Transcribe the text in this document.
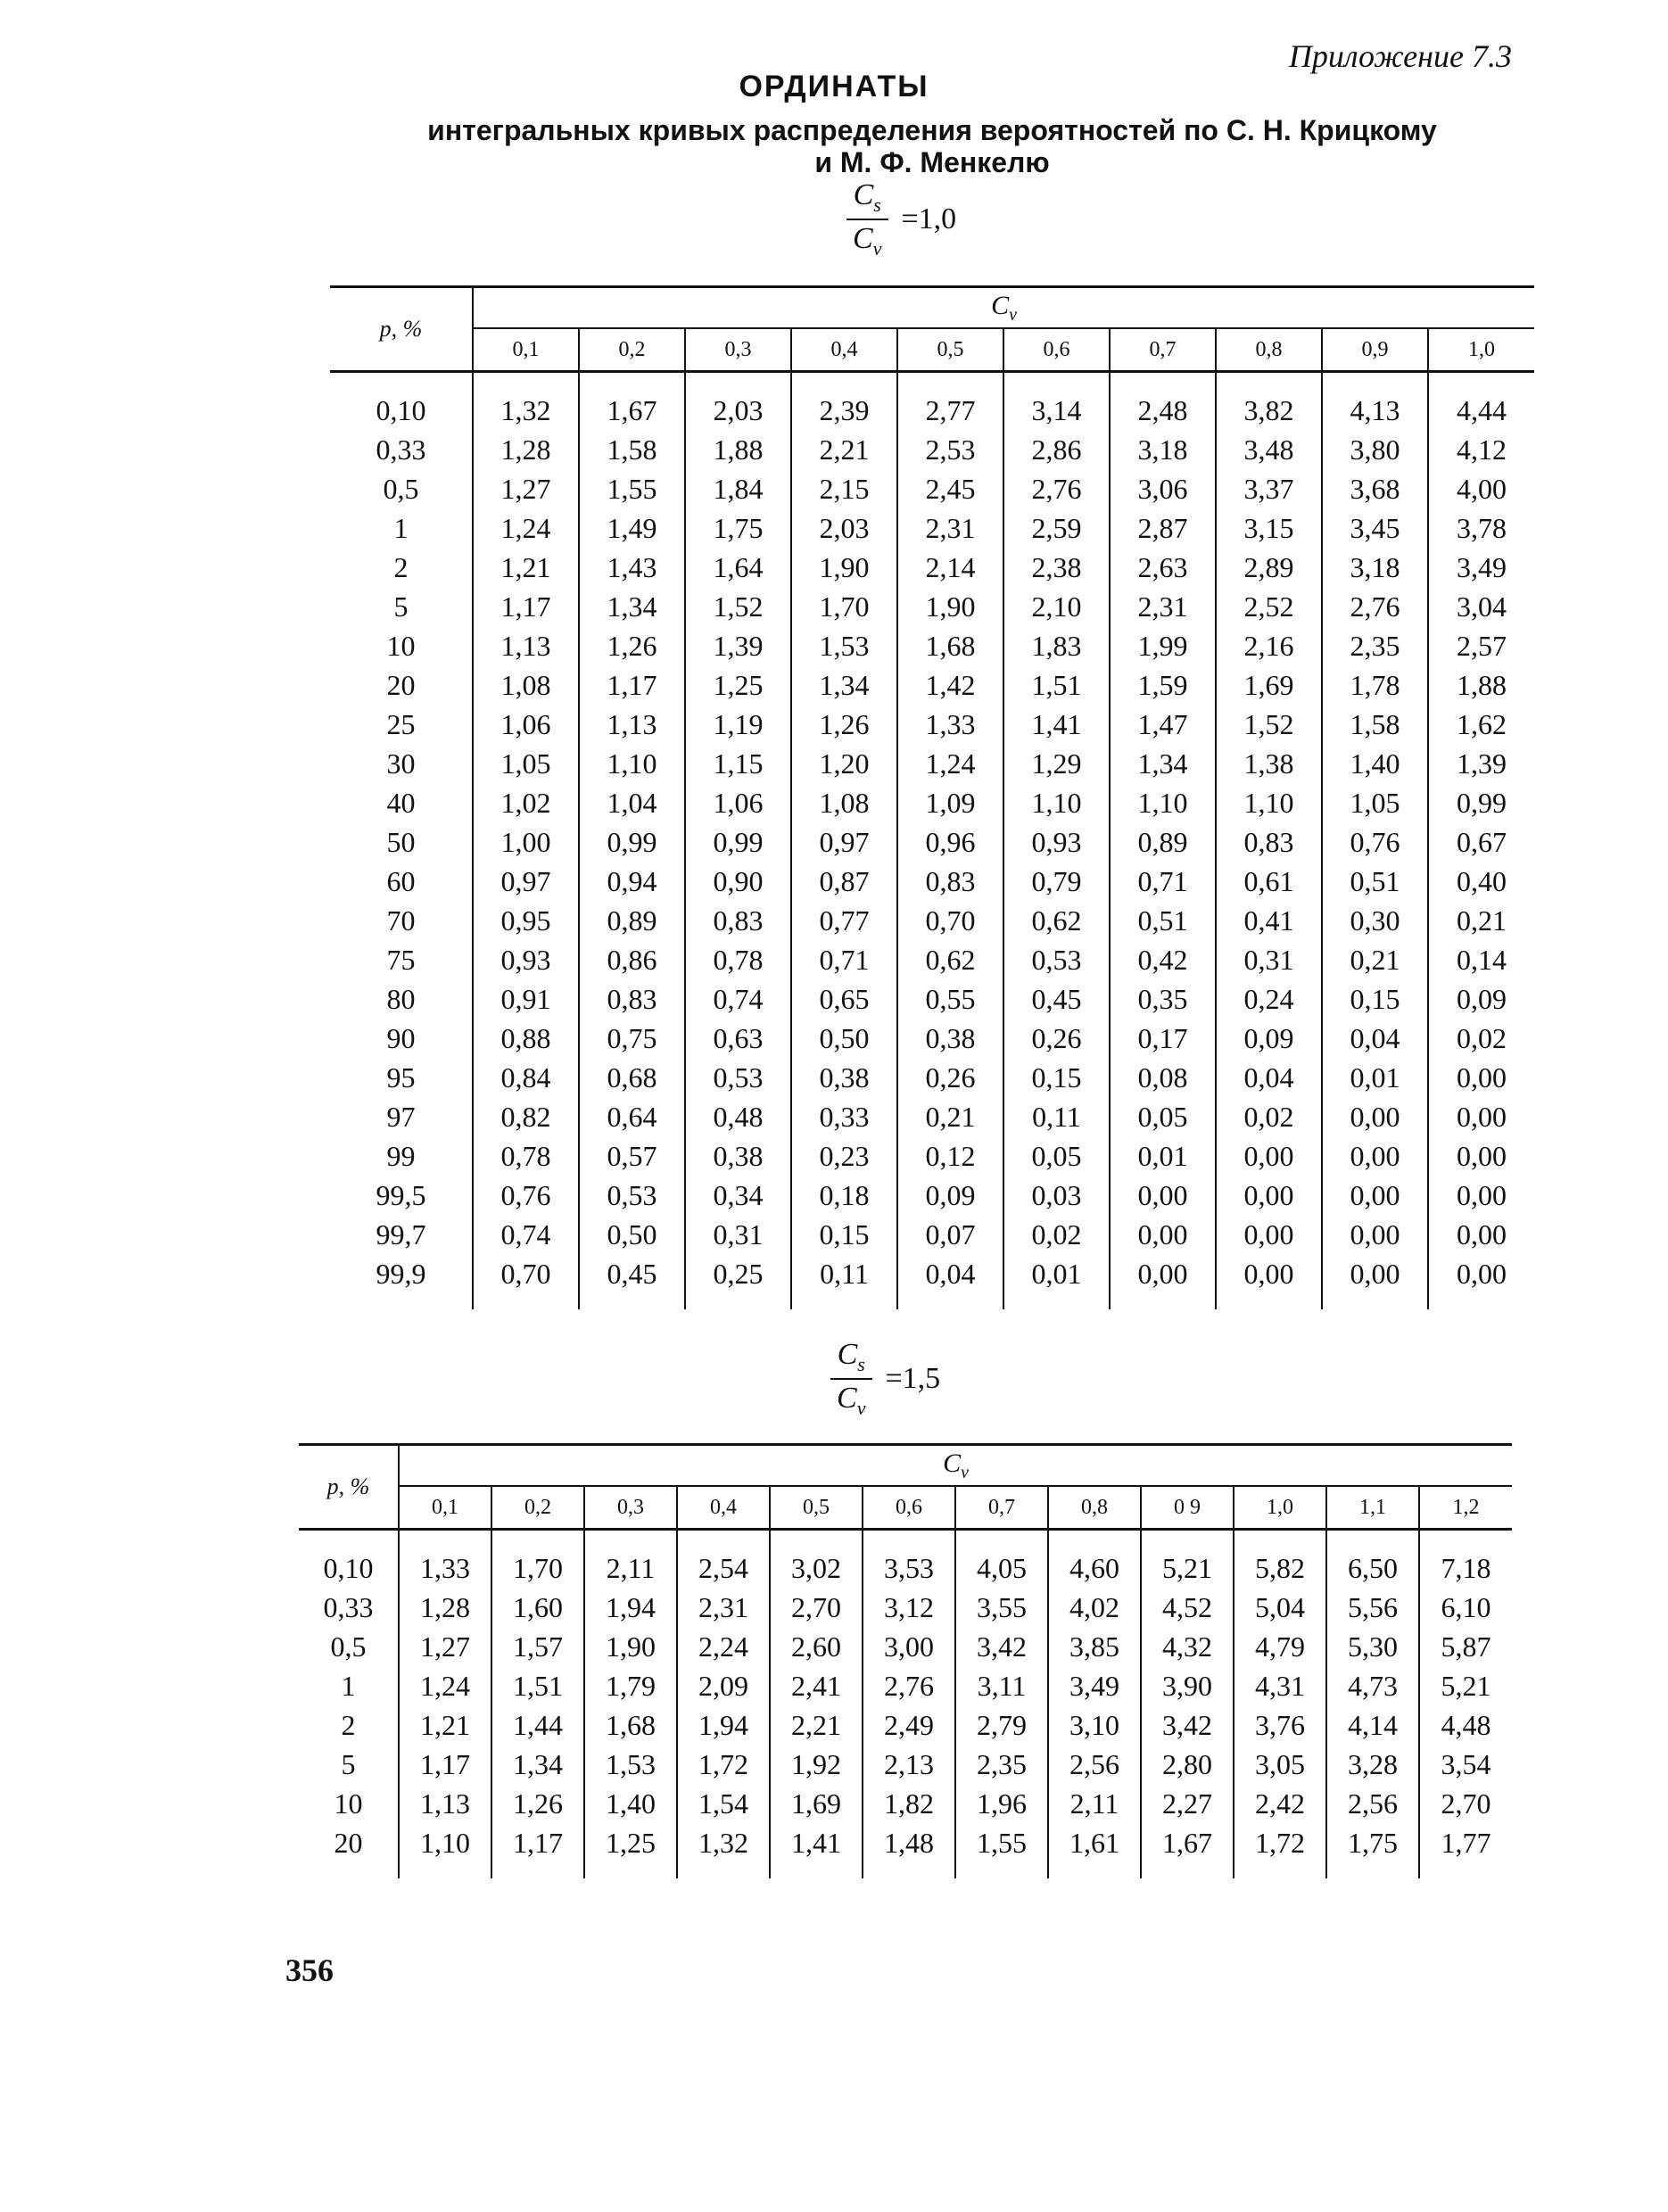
Приложение 7.3
ОРДИНАТЫ
интегральных кривых распределения вероятностей по С. Н. Крицкому
и М. Ф. Менкелю
$\frac{C_s}{C_v} =1,0$
p, %	$C_v$
	0,1	0,2	0,3	0,4	0,5	0,6	0,7	0,8	0,9	1,0
0,10	1,32	1,67	2,03	2,39	2,77	3,14	2,48	3,82	4,13	4,44
0,33	1,28	1,58	1,88	2,21	2,53	2,86	3,18	3,48	3,80	4,12
0,5	1,27	1,55	1,84	2,15	2,45	2,76	3,06	3,37	3,68	4,00
1	1,24	1,49	1,75	2,03	2,31	2,59	2,87	3,15	3,45	3,78
2	1,21	1,43	1,64	1,90	2,14	2,38	2,63	2,89	3,18	3,49
5	1,17	1,34	1,52	1,70	1,90	2,10	2,31	2,52	2,76	3,04
10	1,13	1,26	1,39	1,53	1,68	1,83	1,99	2,16	2,35	2,57
20	1,08	1,17	1,25	1,34	1,42	1,51	1,59	1,69	1,78	1,88
25	1,06	1,13	1,19	1,26	1,33	1,41	1,47	1,52	1,58	1,62
30	1,05	1,10	1,15	1,20	1,24	1,29	1,34	1,38	1,40	1,39
40	1,02	1,04	1,06	1,08	1,09	1,10	1,10	1,10	1,05	0,99
50	1,00	0,99	0,99	0,97	0,96	0,93	0,89	0,83	0,76	0,67
60	0,97	0,94	0,90	0,87	0,83	0,79	0,71	0,61	0,51	0,40
70	0,95	0,89	0,83	0,77	0,70	0,62	0,51	0,41	0,30	0,21
75	0,93	0,86	0,78	0,71	0,62	0,53	0,42	0,31	0,21	0,14
80	0,91	0,83	0,74	0,65	0,55	0,45	0,35	0,24	0,15	0,09
90	0,88	0,75	0,63	0,50	0,38	0,26	0,17	0,09	0,04	0,02
95	0,84	0,68	0,53	0,38	0,26	0,15	0,08	0,04	0,01	0,00
97	0,82	0,64	0,48	0,33	0,21	0,11	0,05	0,02	0,00	0,00
99	0,78	0,57	0,38	0,23	0,12	0,05	0,01	0,00	0,00	0,00
99,5	0,76	0,53	0,34	0,18	0,09	0,03	0,00	0,00	0,00	0,00
99,7	0,74	0,50	0,31	0,15	0,07	0,02	0,00	0,00	0,00	0,00
99,9	0,70	0,45	0,25	0,11	0,04	0,01	0,00	0,00	0,00	0,00
$\frac{C_s}{C_v} =1,5$
p, %	$C_v$
	0,1	0,2	0,3	0,4	0,5	0,6	0,7	0,8	0 9	1,0	1,1	1,2
0,10	1,33	1,70	2,11	2,54	3,02	3,53	4,05	4,60	5,21	5,82	6,50	7,18
0,33	1,28	1,60	1,94	2,31	2,70	3,12	3,55	4,02	4,52	5,04	5,56	6,10
0,5	1,27	1,57	1,90	2,24	2,60	3,00	3,42	3,85	4,32	4,79	5,30	5,87
1	1,24	1,51	1,79	2,09	2,41	2,76	3,11	3,49	3,90	4,31	4,73	5,21
2	1,21	1,44	1,68	1,94	2,21	2,49	2,79	3,10	3,42	3,76	4,14	4,48
5	1,17	1,34	1,53	1,72	1,92	2,13	2,35	2,56	2,80	3,05	3,28	3,54
10	1,13	1,26	1,40	1,54	1,69	1,82	1,96	2,11	2,27	2,42	2,56	2,70
20	1,10	1,17	1,25	1,32	1,41	1,48	1,55	1,61	1,67	1,72	1,75	1,77
356
